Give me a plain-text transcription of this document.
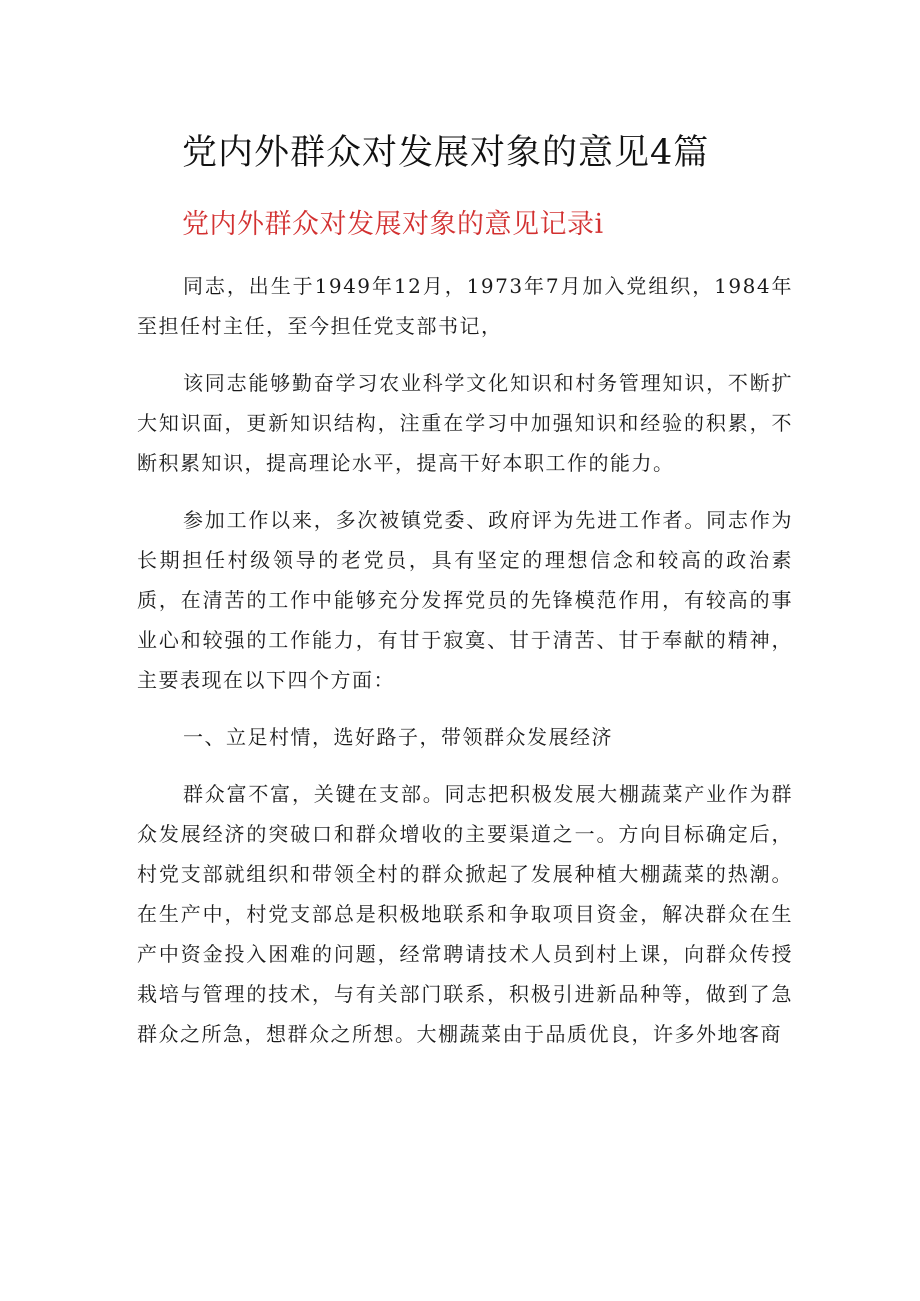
党内外群众对发展对象的意见4篇
党内外群众对发展对象的意见记录i

同志，出生于1949年12月，1973年7月加入党组织，1984年至担任村主任，至今担任党支部书记，

该同志能够勤奋学习农业科学文化知识和村务管理知识，不断扩大知识面，更新知识结构，注重在学习中加强知识和经验的积累，不断积累知识，提高理论水平，提高干好本职工作的能力。

参加工作以来，多次被镇党委、政府评为先进工作者。同志作为长期担任村级领导的老党员，具有坚定的理想信念和较高的政治素质，在清苦的工作中能够充分发挥党员的先锋模范作用，有较高的事业心和较强的工作能力，有甘于寂寞、甘于清苦、甘于奉献的精神，主要表现在以下四个方面：

一、立足村情，选好路子，带领群众发展经济

群众富不富，关键在支部。同志把积极发展大棚蔬菜产业作为群众发展经济的突破口和群众增收的主要渠道之一。方向目标确定后，村党支部就组织和带领全村的群众掀起了发展种植大棚蔬菜的热潮。在生产中，村党支部总是积极地联系和争取项目资金，解决群众在生产中资金投入困难的问题，经常聘请技术人员到村上课，向群众传授栽培与管理的技术，与有关部门联系，积极引进新品种等，做到了急群众之所急，想群众之所想。大棚蔬菜由于品质优良，许多外地客商
